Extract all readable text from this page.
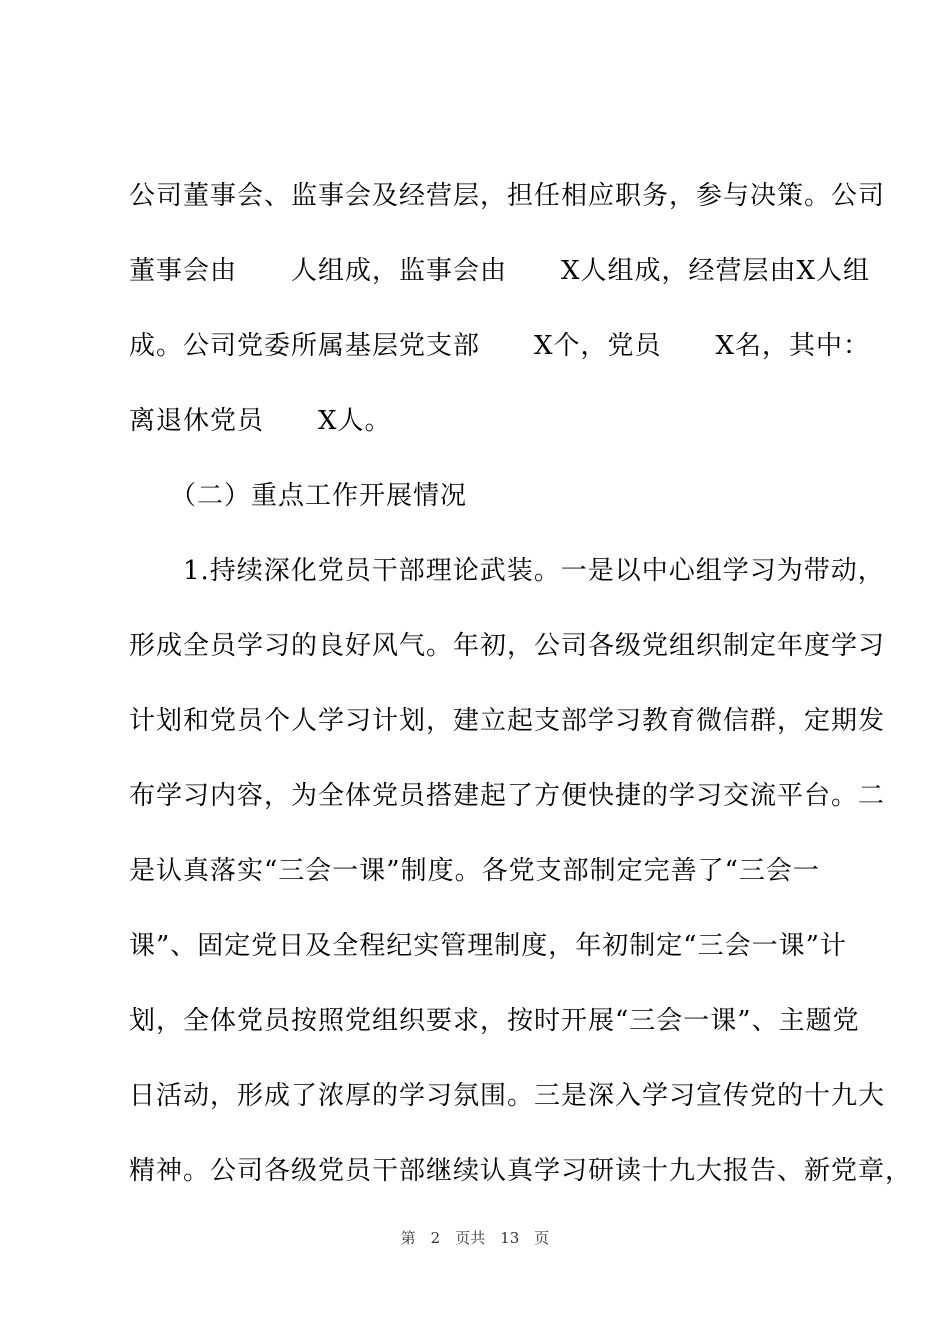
公司董事会、监事会及经营层，担任相应职务，参与决策。公司
董事会由　　人组成，监事会由　　X人组成，经营层由X人组
成。公司党委所属基层党支部　　X个，党员　　X名，其中：
离退休党员　　X人。
　　（二）重点工作开展情况
　　1.持续深化党员干部理论武装。一是以中心组学习为带动，
形成全员学习的良好风气。年初，公司各级党组织制定年度学习
计划和党员个人学习计划，建立起支部学习教育微信群，定期发
布学习内容，为全体党员搭建起了方便快捷的学习交流平台。二
是认真落实“三会一课”制度。各党支部制定完善了“三会一
课”、固定党日及全程纪实管理制度，年初制定“三会一课”计
划，全体党员按照党组织要求，按时开展“三会一课”、主题党
日活动，形成了浓厚的学习氛围。三是深入学习宣传党的十九大
精神。公司各级党员干部继续认真学习研读十九大报告、新党章，
第　2　页共　13　页
